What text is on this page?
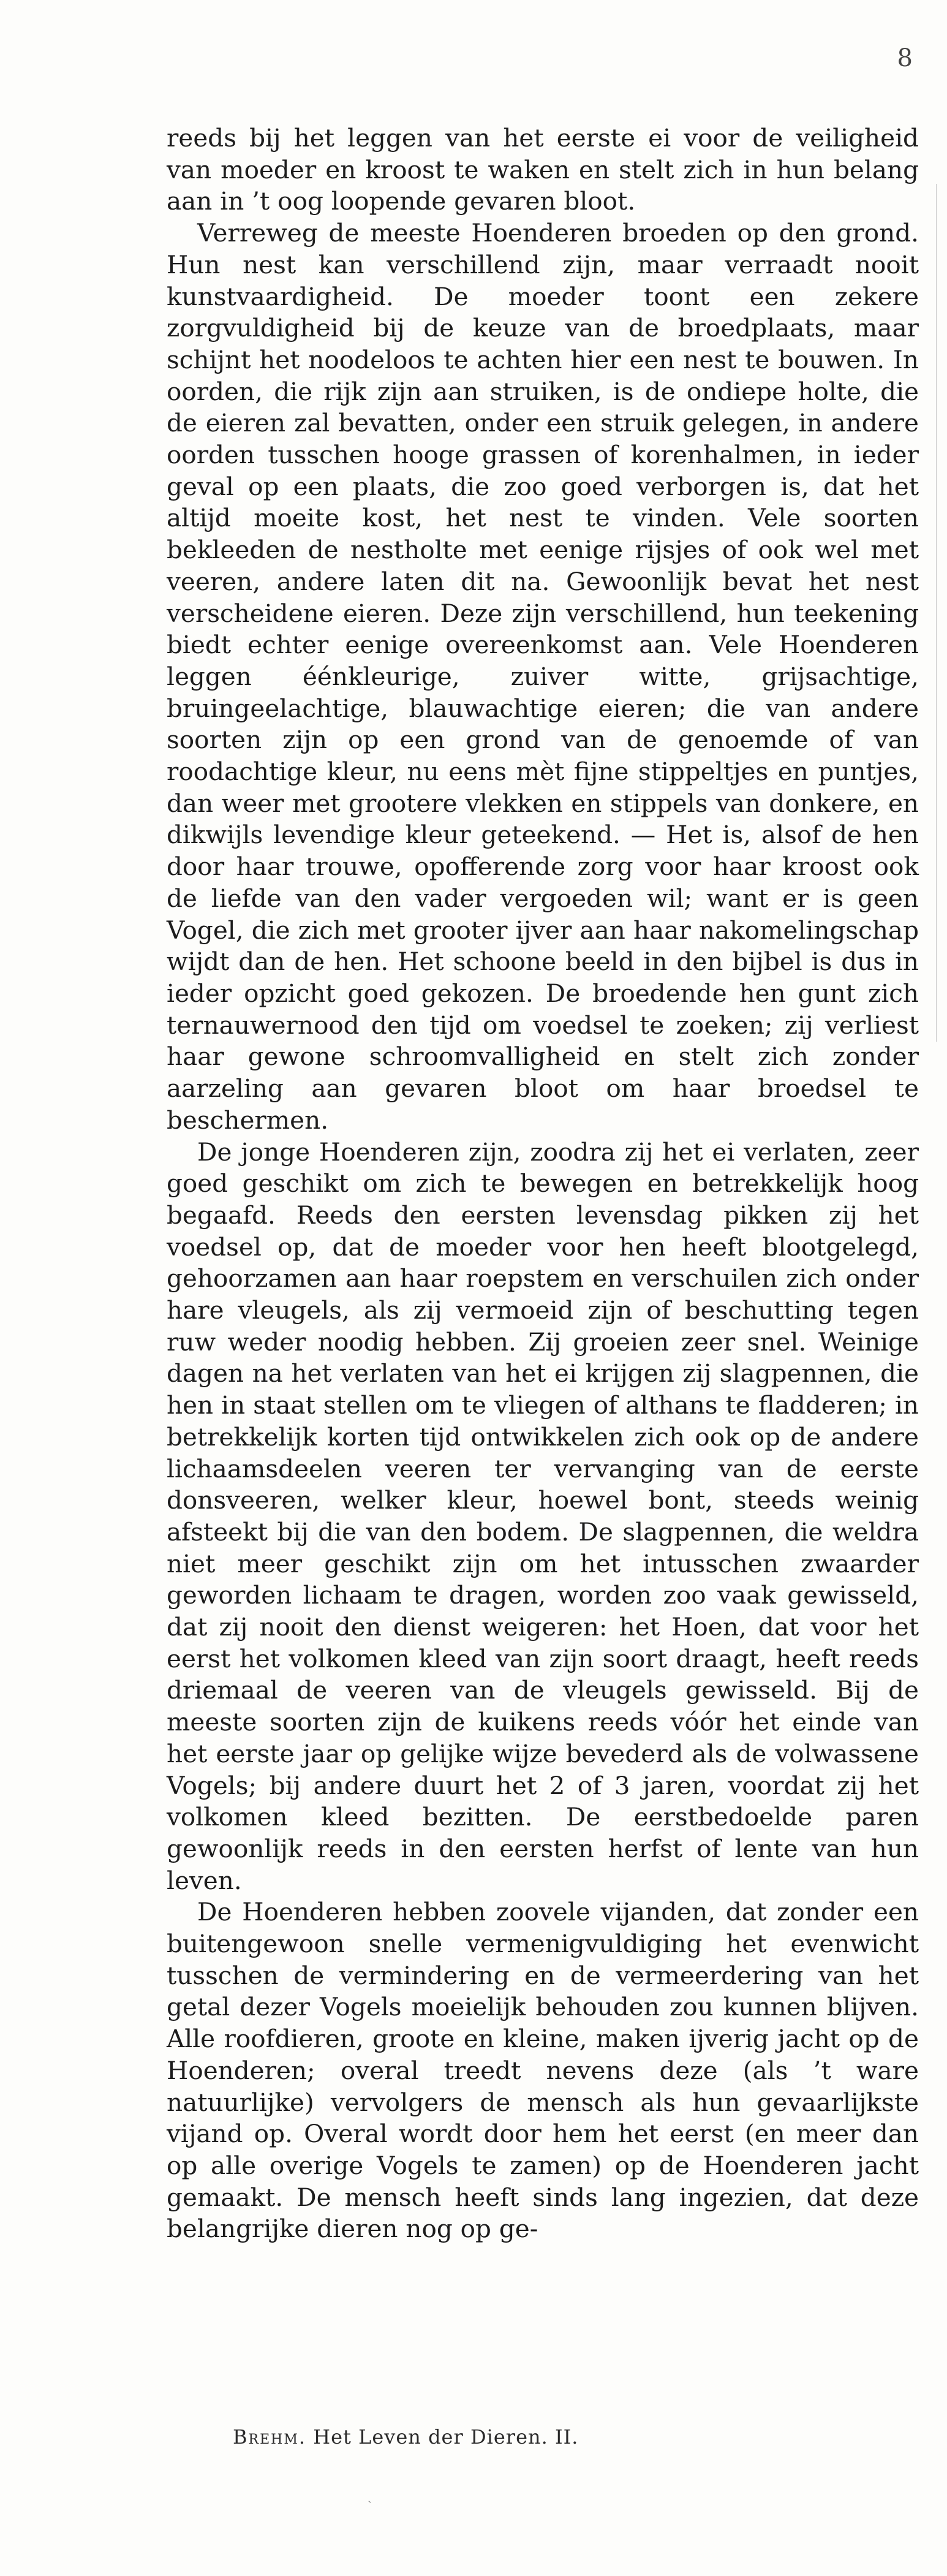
8

reeds bij het leggen van het eerste ei voor de veiligheid van moeder en kroost te waken en stelt zich in hun belang aan in ’t oog loopende gevaren bloot.

Verreweg de meeste Hoenderen broeden op den grond. Hun nest kan verschillend zijn, maar verraadt nooit kunstvaardigheid. De moeder toont een zekere zorgvuldigheid bij de keuze van de broedplaats, maar schijnt het noodeloos te achten hier een nest te bouwen. In oorden, die rijk zijn aan struiken, is de ondiepe holte, die de eieren zal bevatten, onder een struik gelegen, in andere oorden tusschen hooge grassen of korenhalmen, in ieder geval op een plaats, die zoo goed verborgen is, dat het altijd moeite kost, het nest te vinden. Vele soorten bekleeden de nestholte met eenige rijsjes of ook wel met veeren, andere laten dit na. Gewoonlijk bevat het nest verscheidene eieren. Deze zijn verschillend, hun teekening biedt echter eenige overeenkomst aan. Vele Hoenderen leggen éénkleurige, zuiver witte, grijsachtige, bruingeelachtige, blauwachtige eieren; die van andere soorten zijn op een grond van de genoemde of van roodachtige kleur, nu eens mèt fijne stippeltjes en puntjes, dan weer met grootere vlekken en stippels van donkere, en dikwijls levendige kleur geteekend. — Het is, alsof de hen door haar trouwe, opofferende zorg voor haar kroost ook de liefde van den vader vergoeden wil; want er is geen Vogel, die zich met grooter ijver aan haar nakomelingschap wijdt dan de hen. Het schoone beeld in den bijbel is dus in ieder opzicht goed gekozen. De broedende hen gunt zich ternauwernood den tijd om voedsel te zoeken; zij verliest haar gewone schroomvalligheid en stelt zich zonder aarzeling aan gevaren bloot om haar broedsel te beschermen.

De jonge Hoenderen zijn, zoodra zij het ei verlaten, zeer goed geschikt om zich te bewegen en betrekkelijk hoog begaafd. Reeds den eersten levensdag pikken zij het voedsel op, dat de moeder voor hen heeft blootgelegd, gehoorzamen aan haar roepstem en verschuilen zich onder hare vleugels, als zij vermoeid zijn of beschutting tegen ruw weder noodig hebben. Zij groeien zeer snel. Weinige dagen na het verlaten van het ei krijgen zij slagpennen, die hen in staat stellen om te vliegen of althans te fladderen; in betrekkelijk korten tijd ontwikkelen zich ook op de andere lichaamsdeelen veeren ter vervanging van de eerste donsveeren, welker kleur, hoewel bont, steeds weinig afsteekt bij die van den bodem. De slagpennen, die weldra niet meer geschikt zijn om het intusschen zwaarder geworden lichaam te dragen, worden zoo vaak gewisseld, dat zij nooit den dienst weigeren: het Hoen, dat voor het eerst het volkomen kleed van zijn soort draagt, heeft reeds driemaal de veeren van de vleugels gewisseld. Bij de meeste soorten zijn de kuikens reeds vóór het einde van het eerste jaar op gelijke wijze bevederd als de volwassene Vogels; bij andere duurt het 2 of 3 jaren, voordat zij het volkomen kleed bezitten. De eerstbedoelde paren gewoonlijk reeds in den eersten herfst of lente van hun leven.

De Hoenderen hebben zoovele vijanden, dat zonder een buitengewoon snelle vermenigvuldiging het evenwicht tusschen de vermindering en de vermeerdering van het getal dezer Vogels moeielijk behouden zou kunnen blijven. Alle roofdieren, groote en kleine, maken ijverig jacht op de Hoenderen; overal treedt nevens deze (als ’t ware natuurlijke) vervolgers de mensch als hun gevaarlijkste vijand op. Overal wordt door hem het eerst (en meer dan op alle overige Vogels te zamen) op de Hoenderen jacht gemaakt. De mensch heeft sinds lang ingezien, dat deze belangrijke dieren nog op ge-

Brehm. Het Leven der Dieren. II.
ˏ
